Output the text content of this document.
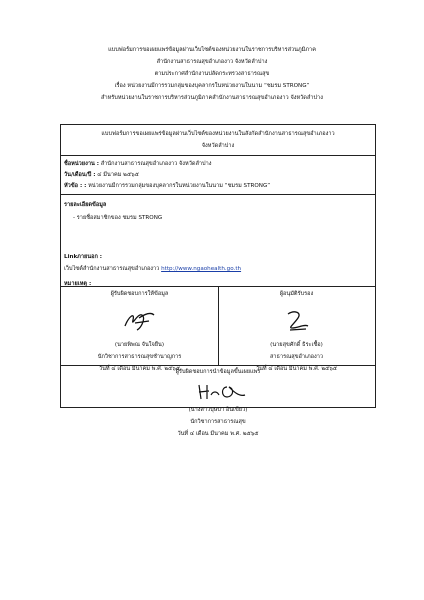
แบบฟอร์มการขอเผยแพร่ข้อมูลผ่านเว็บไซต์ของหน่วยงานในราชการบริหารส่วนภูมิภาค
สำนักงานสาธารณสุขอำเภองาว จังหวัดลำปาง
ตามประกาศสำนักงานปลัดกระทรวงสาธารณสุข
เรื่อง หน่วยงานมีการรวมกลุ่มของบุคลากรในหน่วยงานในนาม “ชมรม STRONG”
สำหรับหน่วยงานในราชการบริหารส่วนภูมิภาคสำนักงานสาธารณสุขอำเภองาว จังหวัดลำปาง
แบบฟอร์มการขอเผยแพร่ข้อมูลผ่านเว็บไซต์ของหน่วยงานในสังกัดสำนักงานสาธารณสุขอำเภองาว
จังหวัดลำปาง
ชื่อหน่วยงาน : สำนักงานสาธารณสุขอำเภองาว จังหวัดลำปาง
วัน/เดือน/ปี : ๔ มีนาคม ๒๕๖๕
หัวข้อ : : หน่วยงานมีการรวมกลุ่มของบุคลากรในหน่วยงานในนาม “ชมรม STRONG”
รายละเอียดข้อมูล
- รายชื่อสมาชิกของ ชมรม STRONG
Linkภายนอก :
เว็บไซต์สำนักงานสาธารณสุขอำเภองาว http://www.ngaohealth.go.th
หมายเหตุ :
ผู้รับผิดชอบการให้ข้อมูล
(นายพิพณ จันใจยืน)
นักวิชาการสาธารณสุขชำนาญการ
วันที่ ๔ เดือน มีนาคม พ.ศ. ๒๕๖๕
ผู้อนุมัติรับรอง
(นายสุขศักดิ์ ธิระเชื้อ)
สาธารณสุขอำเภองาว
วันที่ ๔ เดือน มีนาคม พ.ศ. ๒๕๖๕
ผู้รับผิดชอบการนำข้อมูลขึ้นเผยแพร่
(นางสาวบุษบา อินเขียว)
นักวิชาการสาธารณสุข
วันที่ ๔ เดือน มีนาคม พ.ศ. ๒๕๖๕
